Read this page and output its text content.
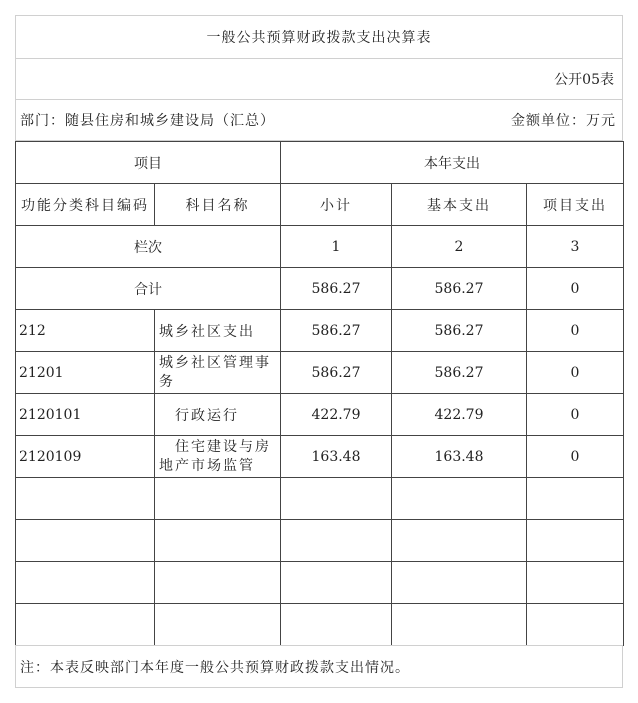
一般公共预算财政拨款支出决算表
公开05表
部门：随县住房和城乡建设局（汇总）	金额单位：万元
项目		本年支出		
功能分类科目编码	科目名称	小计	基本支出	项目支出
栏次		1	2	3
合计		586.27	586.27	0
212	城乡社区支出	586.27	586.27	0
21201	城乡社区管理事务	586.27	586.27	0
2120101	行政运行	422.79	422.79	0
2120109	住宅建设与房地产市场监管	163.48	163.48	0

注：本表反映部门本年度一般公共预算财政拨款支出情况。
